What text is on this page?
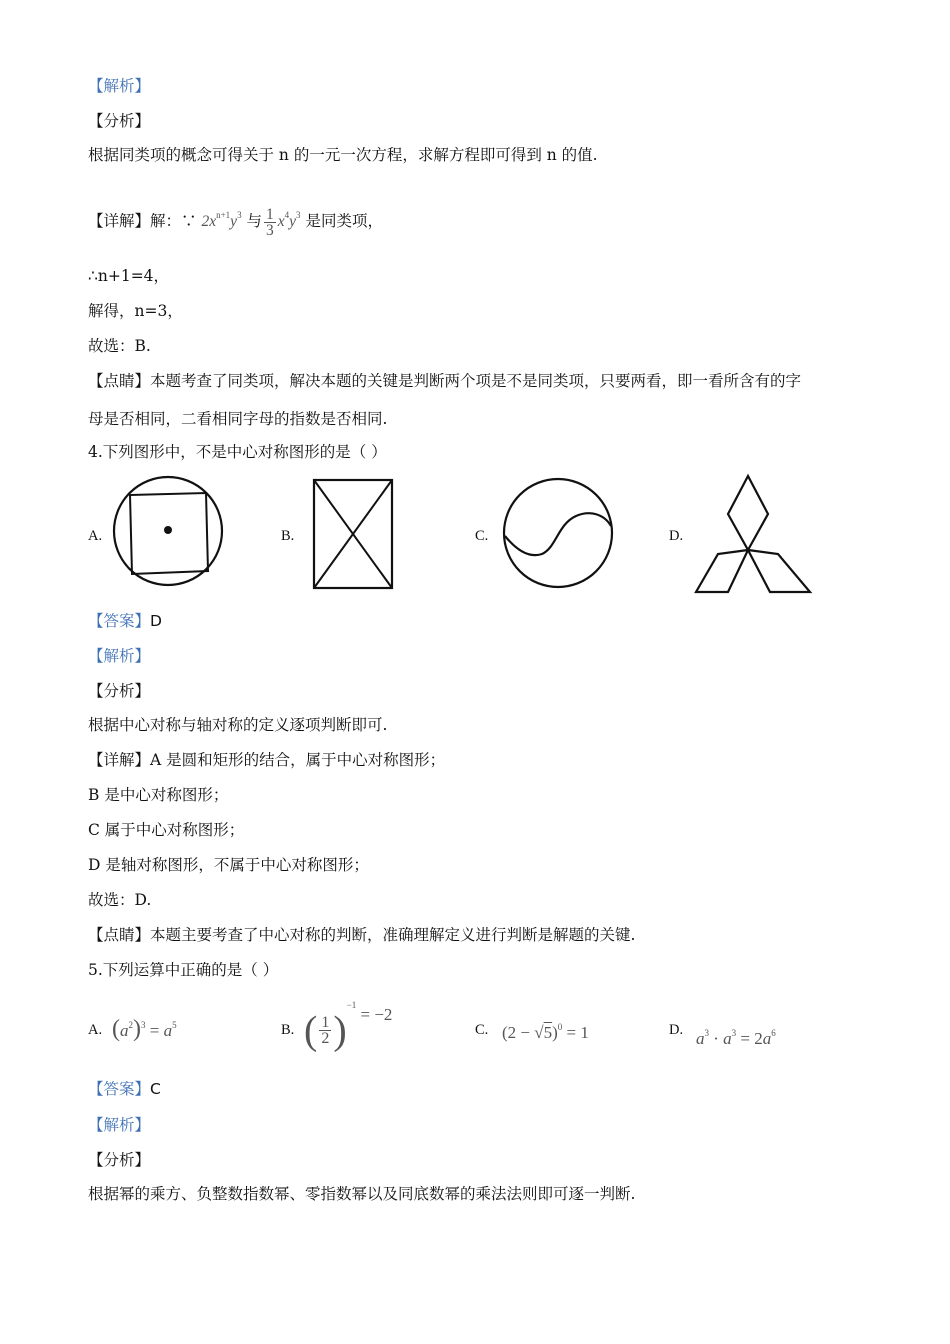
【解析】
【分析】
根据同类项的概念可得关于 n 的一元一次方程，求解方程即可得到 n 的值.
【详解】解：∵ $2x^{n+1}y^3$ 与 $\frac{1}{3} x^4y^3$ 是同类项，
∴n+1=4，
解得，n=3，
故选：B.
【点睛】本题考查了同类项，解决本题的关键是判断两个项是不是同类项，只要两看，即一看所含有的字
母是否相同，二看相同字母的指数是否相同.
4.下列图形中，不是中心对称图形的是（ ）
A.	B.	C.	D.
【答案】D
【解析】
【分析】
根据中心对称与轴对称的定义逐项判断即可.
【详解】A 是圆和矩形的结合，属于中心对称图形；
B 是中心对称图形；
C 属于中心对称图形；
D 是轴对称图形，不属于中心对称图形；
故选：D.
【点睛】本题主要考查了中心对称的判断，准确理解定义进行判断是解题的关键.
5.下列运算中正确的是（ ）
A.	B.	C.	D.
$(a^2)^3 = a^5$	( $\frac{1}{2} )^{-1} = -2$
$(2 - √5)^0 = 1$	$a^3 \cdot a^3 = 2a^6$
【答案】C
【解析】
【分析】
根据幂的乘方、负整数指数幂、零指数幂以及同底数幂的乘法法则即可逐一判断.
